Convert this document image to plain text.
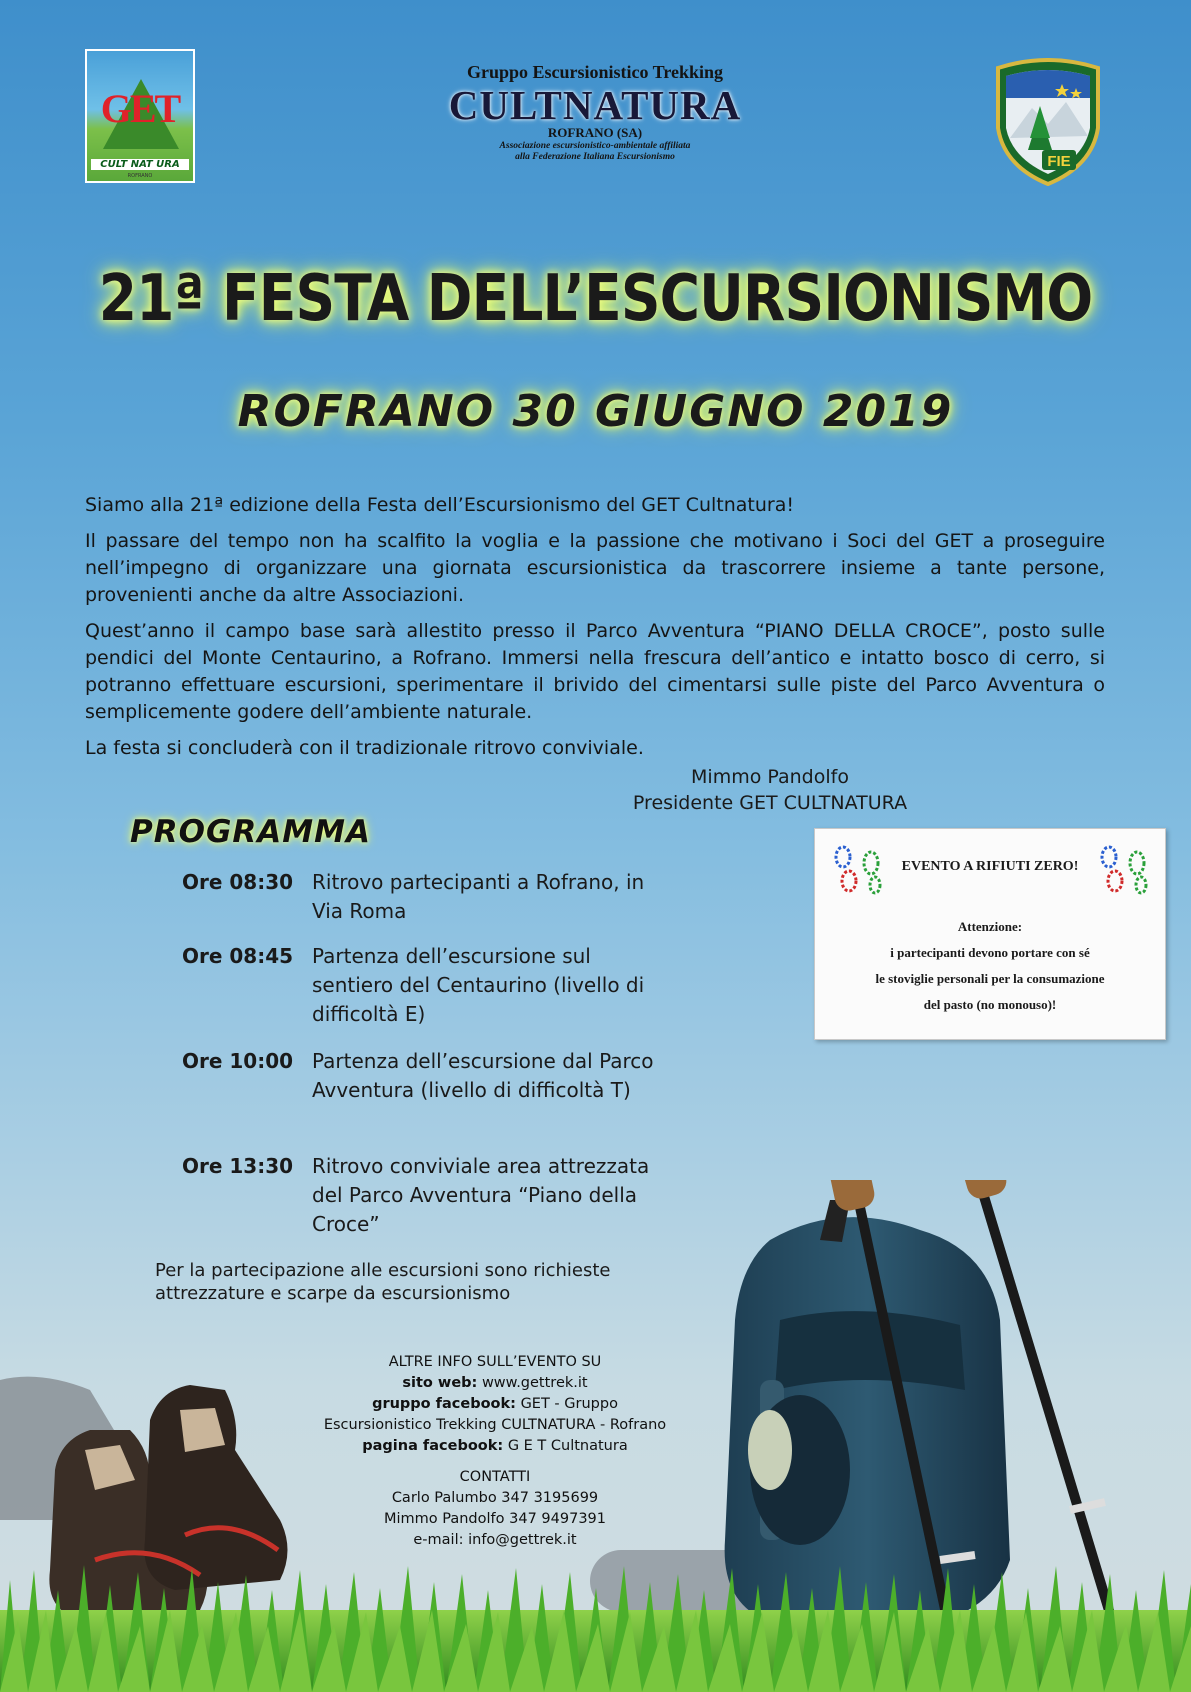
GET
CULT NAT URA
ROFRANO
Gruppo Escursionistico Trekking
CULTNATURA
ROFRANO (SA)
Associazione escursionistico-ambientale affiliata
alla Federazione Italiana Escursionismo	FIE
21ª FESTA DELL’ESCURSIONISMO
ROFRANO 30 GIUGNO 2019

Siamo alla 21ª edizione della Festa dell’Escursionismo del GET Cultnatura!

Il passare del tempo non ha scalfito la voglia e la passione che motivano i Soci del GET a proseguire nell’impegno di organizzare una giornata escursionistica da trascorrere insieme a tante persone, provenienti anche da altre Associazioni.

Quest’anno il campo base sarà allestito presso il Parco Avventura “PIANO DELLA CROCE”, posto sulle pendici del Monte Centaurino, a Rofrano. Immersi nella frescura dell’antico e intatto bosco di cerro, si potranno effettuare escursioni, sperimentare il brivido del cimentarsi sulle piste del Parco Avventura o semplicemente godere dell’ambiente naturale.

La festa si concluderà con il tradizionale ritrovo conviviale.

Mimmo Pandolfo
Presidente GET CULTNATURA
PROGRAMMA
Ore 08:30 Ritrovo partecipanti a Rofrano, in Via Roma
Ore 08:45 Partenza dell’escursione sul sentiero del Centaurino (livello di difficoltà E)
Ore 10:00 Partenza dell’escursione dal Parco Avventura (livello di difficoltà T)
Ore 13:30 Ritrovo conviviale area attrezzata del Parco Avventura “Piano della Croce”
Per la partecipazione alle escursioni sono richieste attrezzature e scarpe da escursionismo
EVENTO A RIFIUTI ZERO!
Attenzione:
i partecipanti devono portare con sé
le stoviglie personali per la consumazione
del pasto (no monouso)!
ALTRE INFO SULL’EVENTO SU
sito web: www.gettrek.it
gruppo facebook: GET - Gruppo
Escursionistico Trekking CULTNATURA - Rofrano
pagina facebook: G E T Cultnatura
CONTATTI
Carlo Palumbo 347 3195699
Mimmo Pandolfo 347 9497391
e-mail: info@gettrek.it
